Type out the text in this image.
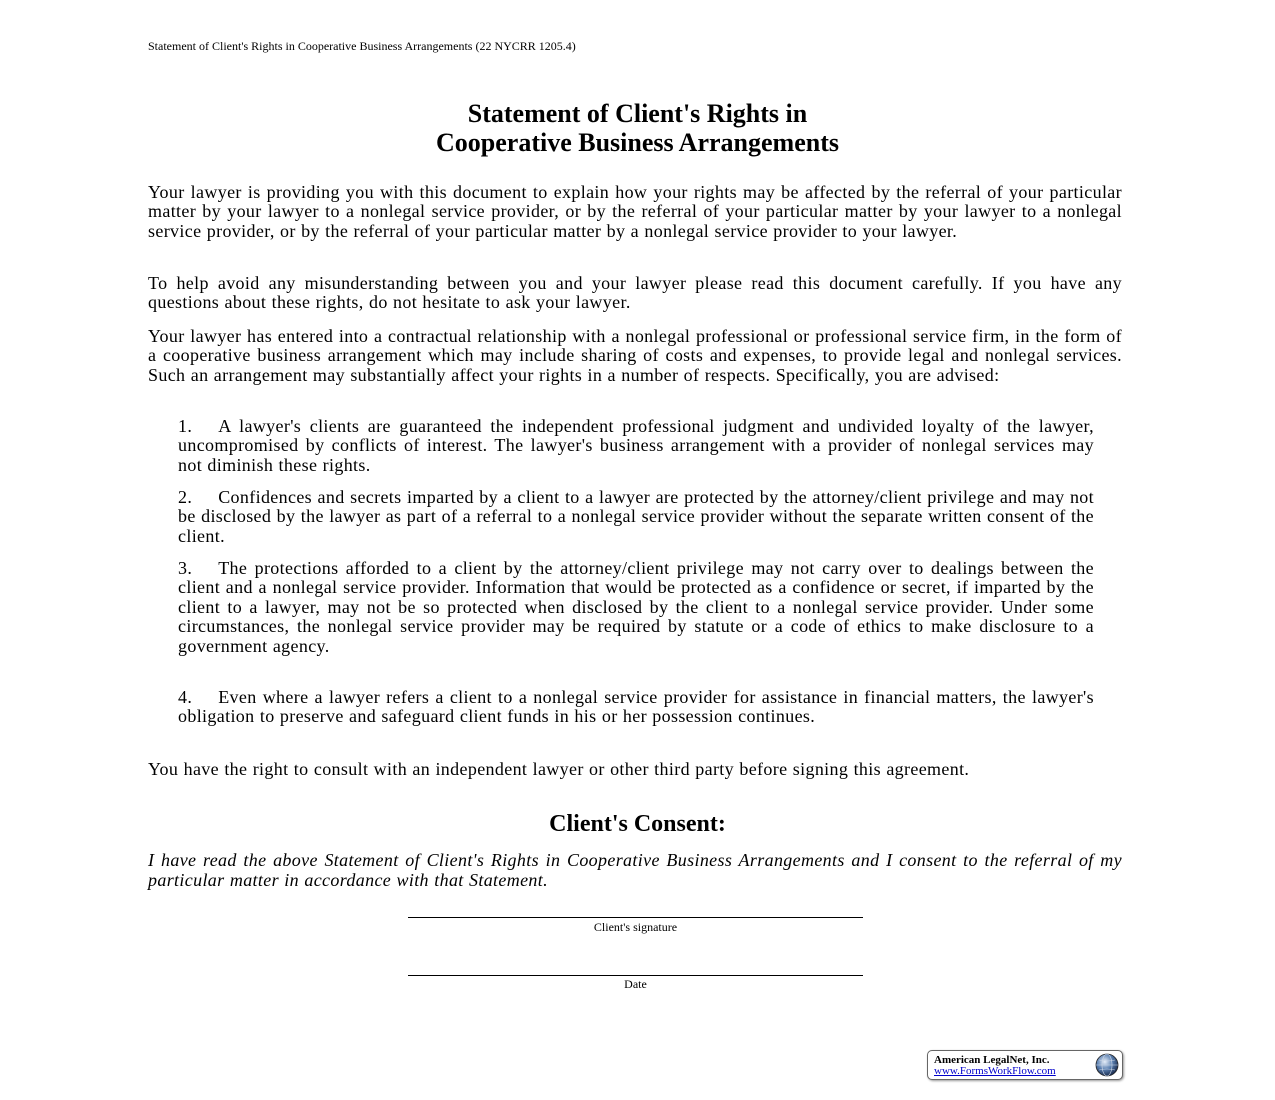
Statement of Client's Rights in Cooperative Business Arrangements (22 NYCRR 1205.4)
Statement of Client's Rights in
Cooperative Business Arrangements

Your lawyer is providing you with this document to explain how your rights may be affected by the referral of your particular matter by your lawyer to a nonlegal service provider, or by the referral of your particular matter by your lawyer to a nonlegal service provider, or by the referral of your particular matter by a nonlegal service provider to your lawyer.

To help avoid any misunderstanding between you and your lawyer please read this document carefully. If you have any questions about these rights, do not hesitate to ask your lawyer.

Your lawyer has entered into a contractual relationship with a nonlegal professional or professional service firm, in the form of a cooperative business arrangement which may include sharing of costs and expenses, to provide legal and nonlegal services. Such an arrangement may substantially affect your rights in a number of respects. Specifically, you are advised:

1. A lawyer's clients are guaranteed the independent professional judgment and undivided loyalty of the lawyer, uncompromised by conflicts of interest. The lawyer's business arrangement with a provider of nonlegal services may not diminish these rights.
2. Confidences and secrets imparted by a client to a lawyer are protected by the attorney/client privilege and may not be disclosed by the lawyer as part of a referral to a nonlegal service provider without the separate written consent of the client.
3. The protections afforded to a client by the attorney/client privilege may not carry over to dealings between the client and a nonlegal service provider. Information that would be protected as a confidence or secret, if imparted by the client to a lawyer, may not be so protected when disclosed by the client to a nonlegal service provider. Under some circumstances, the nonlegal service provider may be required by statute or a code of ethics to make disclosure to a government agency.
4. Even where a lawyer refers a client to a nonlegal service provider for assistance in financial matters, the lawyer's obligation to preserve and safeguard client funds in his or her possession continues.

You have the right to consult with an independent lawyer or other third party before signing this agreement.

Client's Consent:

I have read the above Statement of Client's Rights in Cooperative Business Arrangements and I consent to the referral of my particular matter in accordance with that Statement.

Client's signature
Date
American LegalNet, Inc.
www.FormsWorkFlow.com
